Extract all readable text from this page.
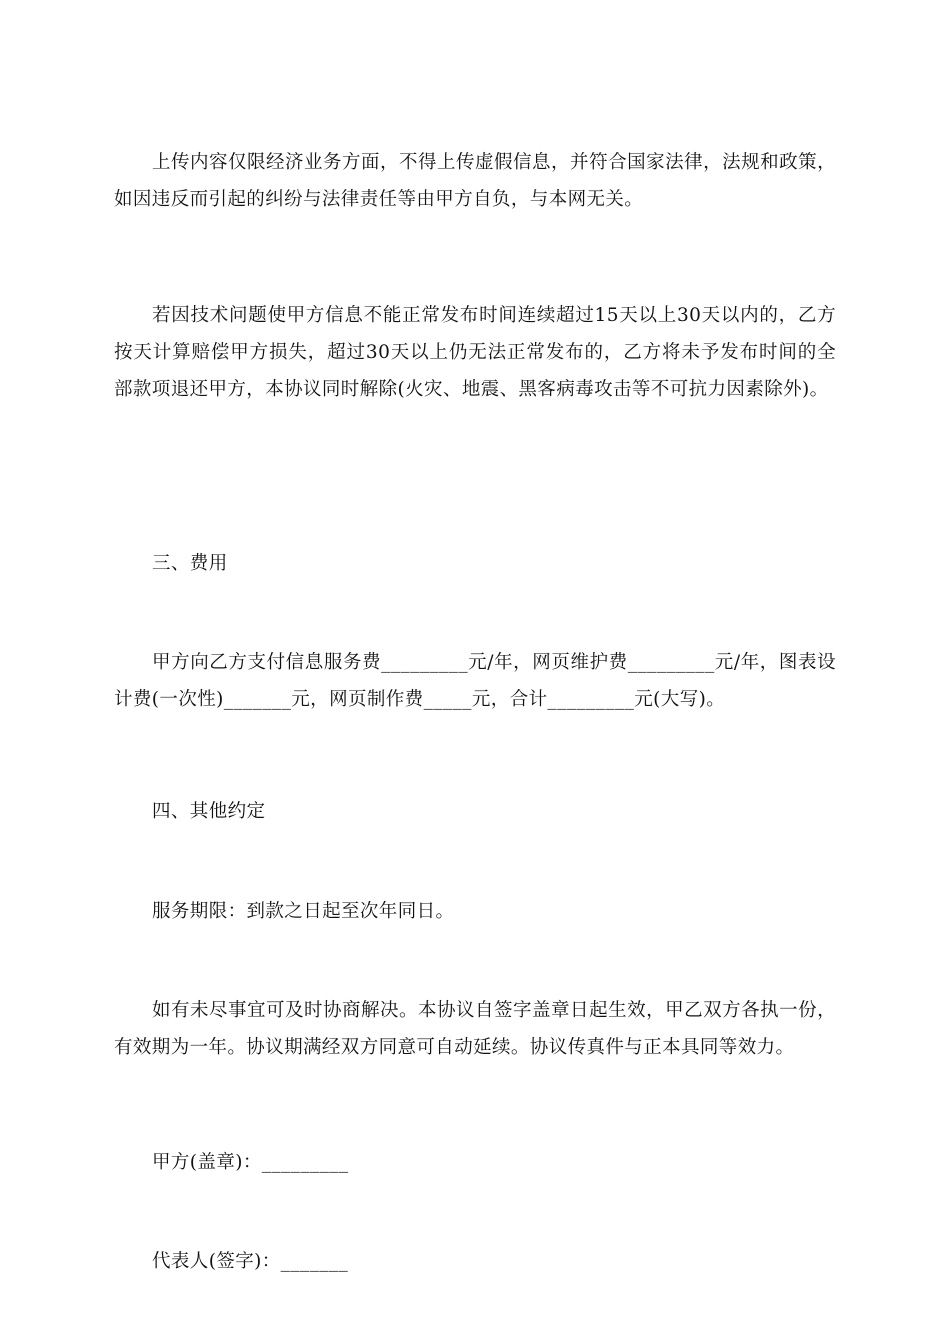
上传内容仅限经济业务方面，不得上传虚假信息，并符合国家法律，法规和政策，如因违反而引起的纠纷与法律责任等由甲方自负，与本网无关。

若因技术问题使甲方信息不能正常发布时间连续超过15天以上30天以内的，乙方按天计算赔偿甲方损失，超过30天以上仍无法正常发布的，乙方将未予发布时间的全部款项退还甲方，本协议同时解除(火灾、地震、黑客病毒攻击等不可抗力因素除外)。

三、费用

甲方向乙方支付信息服务费_________元/年，网页维护费_________元/年，图表设计费(一次性)_______元，网页制作费_____元，合计_________元(大写)。

四、其他约定
服务期限：到款之日起至次年同日。

如有未尽事宜可及时协商解决。本协议自签字盖章日起生效，甲乙双方各执一份，有效期为一年。协议期满经双方同意可自动延续。协议传真件与正本具同等效力。

甲方(盖章)：_________
代表人(签字)：_______
